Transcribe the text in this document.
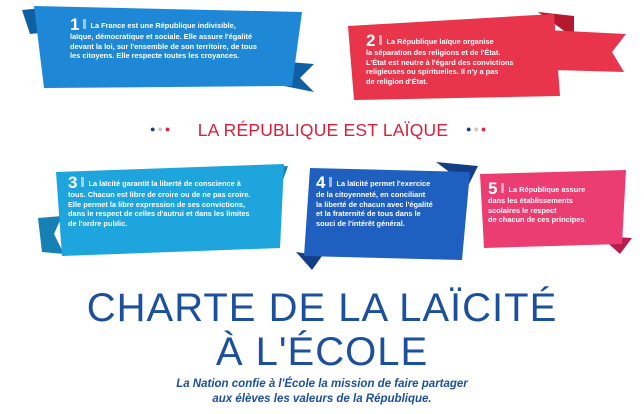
1 La France est une République indivisible,
laïque, démocratique et sociale. Elle assure l'égalité
devant la loi, sur l'ensemble de son territoire, de tous
les citoyens. Elle respecte toutes les croyances.
2 La République laïque organise
la séparation des religions et de l'État.
L'État est neutre à l'égard des convictions
religieuses ou spirituelles. Il n'y a pas
de religion d'État.
●●●	LA RÉPUBLIQUE EST LAÏQUE	●●●
3 La laïcité garantit la liberté de conscience à
tous. Chacun est libre de croire ou de ne pas croire.
Elle permet la libre expression de ses convictions,
dans le respect de celles d'autrui et dans les limites
de l'ordre public.
4 La laïcité permet l'exercice
de la citoyenneté, en conciliant
la liberté de chacun avec l'égalité
et la fraternité de tous dans le
souci de l'intérêt général.
5 La République assure
dans les établissements
scolaires le respect
de chacun de ces principes.
CHARTE DE LA LAÏCITÉ
À L'ÉCOLE
La Nation confie à l'École la mission de faire partager
aux élèves les valeurs de la République.
